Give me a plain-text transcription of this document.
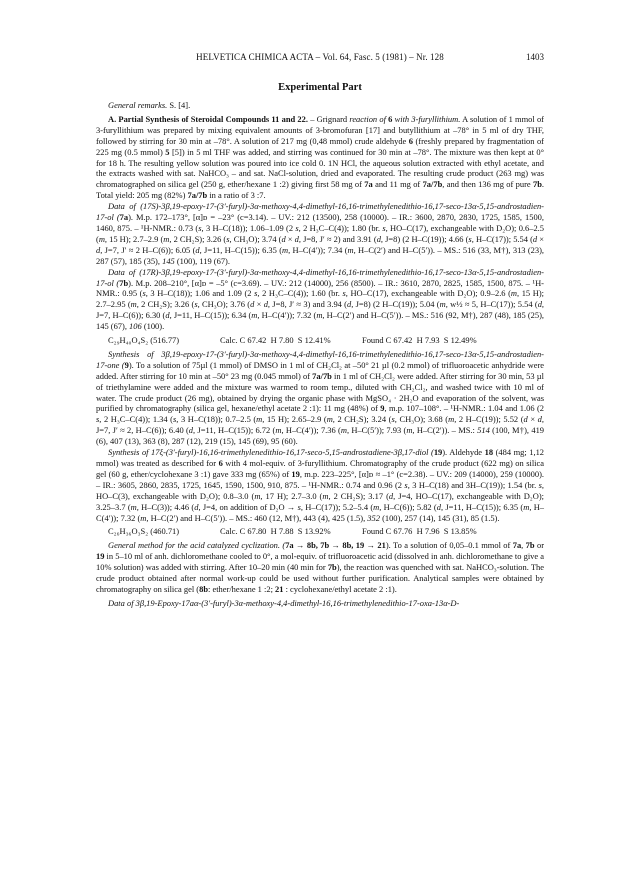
HELVETICA CHIMICA ACTA – Vol. 64, Fasc. 5 (1981) – Nr. 128	1403
Experimental Part

General remarks. S. [4].

A. Partial Synthesis of Steroidal Compounds 11 and 22. – Grignard reaction of 6 with 3-furyllithium. A solution of 1 mmol of 3-furyllithium was prepared by mixing equivalent amounts of 3-bromofuran [17] and butyllithium at –78° in 5 ml of dry THF, followed by stirring for 30 min at –78°. A solution of 217 mg (0,48 mmol) crude aldehyde 6 (freshly prepared by fragmentation of 225 mg (0.5 mmol) 5 [5]) in 5 ml THF was added, and stirring was continued for 30 min at –78°. The mixture was then kept at 0° for 18 h. The resulting yellow solution was poured into ice cold 0. 1N HCl, the aqueous solution extracted with ethyl acetate, and the extracts washed with sat. NaHCO₃ – and sat. NaCl-solution, dried and evaporated. The resulting crude product (263 mg) was chromatographed on silica gel (250 g, ether/hexane 1 :2) giving first 58 mg of 7a and 11 mg of 7a/7b, and then 136 mg of pure 7b. Total yield: 205 mg (82%) 7a/7b in a ratio of 3 :7.

Data of (17S)-3β,19-epoxy-17-(3′-furyl)-3α-methoxy-4,4-dimethyl-16,16-trimethylenedithio-16,17-seco-13α-5,15-androstadien-17-ol (7a). M.p. 172–173°, [α]ᴅ = –23° (c=3.14). – UV.: 212 (13500), 258 (10000). – IR.: 3600, 2870, 2830, 1725, 1585, 1500, 1460, 875. – ¹H-NMR.: 0.73 (s, 3 H–C(18)); 1.06–1.09 (2 s, 2 H₃C–C(4)); 1.80 (br. s, HO–C(17), exchangeable with D₂O); 0.6–2.5 (m, 15 H); 2.7–2.9 (m, 2 CH₂S); 3.26 (s, CH₃O); 3.74 (d × d, J=8, J′ ≈ 2) and 3.91 (d, J=8) (2 H–C(19)); 4.66 (s, H–C(17)); 5.54 (d × d, J=7, J′ ≈ 2 H–C(6)); 6.05 (d, J=11, H–C(15)); 6.35 (m, H–C(4′)); 7.34 (m, H–C(2′) and H–C(5′)). – MS.: 516 (33, M†), 313 (23), 287 (57), 185 (35), 145 (100), 119 (67).

Data of (17R)-3β,19-epoxy-17-(3′-furyl)-3α-methoxy-4,4-dimethyl-16,16-trimethylenedithio-16,17-seco-13α-5,15-androstadien-17-ol (7b). M.p. 208–210°, [α]ᴅ = –5° (c=3.69). – UV.: 212 (14000), 256 (8500). – IR.: 3610, 2870, 2825, 1585, 1500, 875. – ¹H-NMR.: 0.95 (s, 3 H–C(18)); 1.06 and 1.09 (2 s, 2 H₃C–C(4)); 1.60 (br. s, HO–C(17), exchangeable with D₂O); 0.9–2.6 (m, 15 H); 2.7–2.95 (m, 2 CH₂S); 3.26 (s, CH₃O); 3.76 (d × d, J=8, J′ ≈ 3) and 3.94 (d, J=8) (2 H–C(19)); 5.04 (m, w½ ≈ 5, H–C(17)); 5.54 (d, J=7, H–C(6)); 6.30 (d, J=11, H–C(15)); 6.34 (m, H–C(4′)); 7.32 (m, H–C(2′) and H–C(5′)). – MS.: 516 (92, M†), 287 (48), 185 (25), 145 (67), 106 (100).

C₂₉H₄₀O₄S₂ (516.77)	Calc. C 67.42  H 7.80  S 12.41%	Found C 67.42  H 7.93  S 12.49%

Synthesis of 3β,19-epoxy-17-(3′-furyl)-3α-methoxy-4,4-dimethyl-16,16-trimethylenedithio-16,17-seco-13α-5,15-androstadien-17-one (9). To a solution of 75µl (1 mmol) of DMSO in 1 ml of CH₂Cl₂ at –50° 21 µl (0.2 mmol) of trifluoroacetic anhydride were added. After stirring for 10 min at –50° 23 mg (0.045 mmol) of 7a/7b in 1 ml of CH₂Cl₂ were added. After stirring for 30 min, 53 µl of triethylamine were added and the mixture was warmed to room temp., diluted with CH₂Cl₂, and washed twice with 10 ml of water. The crude product (26 mg), obtained by drying the organic phase with MgSO₄ · 2H₂O and evaporation of the solvent, was purified by chromatography (silica gel, hexane/ethyl acetate 2 :1): 11 mg (48%) of 9, m.p. 107–108°. – ¹H-NMR.: 1.04 and 1.06 (2 s, 2 H₃C–C(4)); 1.34 (s, 3 H–C(18)); 0.7–2.5 (m, 15 H); 2.65–2.9 (m, 2 CH₂S); 3.24 (s, CH₃O); 3.68 (m, 2 H–C(19)); 5.52 (d × d, J=7, J′ ≈ 2, H–C(6)); 6.40 (d, J=11, H–C(15)); 6.72 (m, H–C(4′)); 7.36 (m, H–C(5′)); 7.93 (m, H–C(2′)). – MS.: 514 (100, M†), 419 (6), 407 (13), 363 (8), 287 (12), 219 (15), 145 (69), 95 (60).

Synthesis of 17ξ-(3′-furyl)-16,16-trimethylenedithio-16,17-seco-5,15-androstadiene-3β,17-diol (19). Aldehyde 18 (484 mg; 1,12 mmol) was treated as described for 6 with 4 mol-equiv. of 3-furyllithium. Chromatography of the crude product (622 mg) on silica gel (60 g, ether/cyclohexane 3 :1) gave 333 mg (65%) of 19, m.p. 223–225°, [α]ᴅ ≈ –1° (c=2.38). – UV.: 209 (14000), 259 (10000). – IR.: 3605, 2860, 2835, 1725, 1645, 1590, 1500, 910, 875. – ¹H-NMR.: 0.74 and 0.96 (2 s, 3 H–C(18) and 3H–C(19)); 1.54 (br. s, HO–C(3), exchangeable with D₂O); 0.8–3.0 (m, 17 H); 2.7–3.0 (m, 2 CH₂S); 3.17 (d, J=4, HO–C(17), exchangeable with D₂O); 3.25–3.7 (m, H–C(3)); 4.46 (d, J=4, on addition of D₂O → s, H–C(17)); 5.2–5.4 (m, H–C(6)); 5.82 (d, J=11, H–C(15)); 6.35 (m, H–C(4′)); 7.32 (m, H–C(2′) and H–C(5′)). – MS.: 460 (12, M†), 443 (4), 425 (1.5), 352 (100), 257 (14), 145 (31), 85 (1.5).

C₂₆H₃₆O₃S₂ (460.71)	Calc. C 67.80  H 7.88  S 13.92%	Found C 67.76  H 7.96  S 13.85%

General method for the acid catalyzed cyclization. (7a → 8b, 7b → 8b, 19 → 21). To a solution of 0,05–0.1 mmol of 7a, 7b or 19 in 5–10 ml of anh. dichloromethane cooled to 0°, a mol-equiv. of trifluoroacetic acid (dissolved in anh. dichloromethane to give a 10% solution) was added with stirring. After 10–20 min (40 min for 7b), the reaction was quenched with sat. NaHCO₃-solution. The crude product obtained after normal work-up could be used without further purification. Analytical samples were obtained by chromatography on silica gel (8b: ether/hexane 1 :2; 21 : cyclohexane/ethyl acetate 2 :1).

Data of 3β,19-Epoxy-17aα-(3′-furyl)-3α-methoxy-4,4-dimethyl-16,16-trimethylenedithio-17-oxa-13α-D-
